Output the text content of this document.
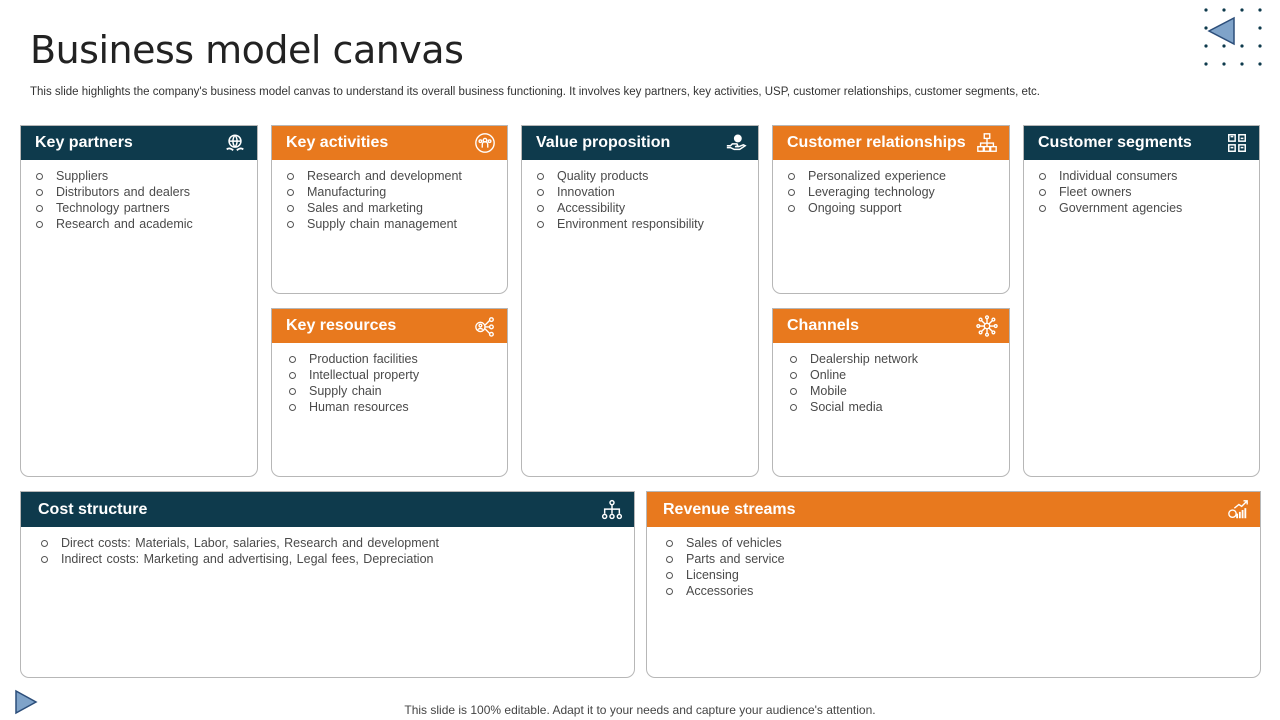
Business model canvas
This slide highlights the company's business model canvas to understand its overall business functioning. It involves key partners, key activities, USP, customer relationships, customer segments, etc.
Key partners
Suppliers
Distributors and dealers
Technology partners
Research and academic
Key activities
Research and development
Manufacturing
Sales and marketing
Supply chain management
Value proposition
Quality products
Innovation
Accessibility
Environment responsibility
Customer relationships
Personalized experience
Leveraging technology
Ongoing support
Customer segments
Individual consumers
Fleet owners
Government agencies
Key resources
Production facilities
Intellectual property
Supply chain
Human resources
Channels
Dealership network
Online
Mobile
Social media
Cost structure
Direct costs: Materials, Labor, salaries, Research and development
Indirect costs: Marketing and advertising, Legal fees, Depreciation
Revenue streams
Sales of vehicles
Parts and service
Licensing
Accessories
This slide is 100% editable. Adapt it to your needs and capture your audience's attention.
